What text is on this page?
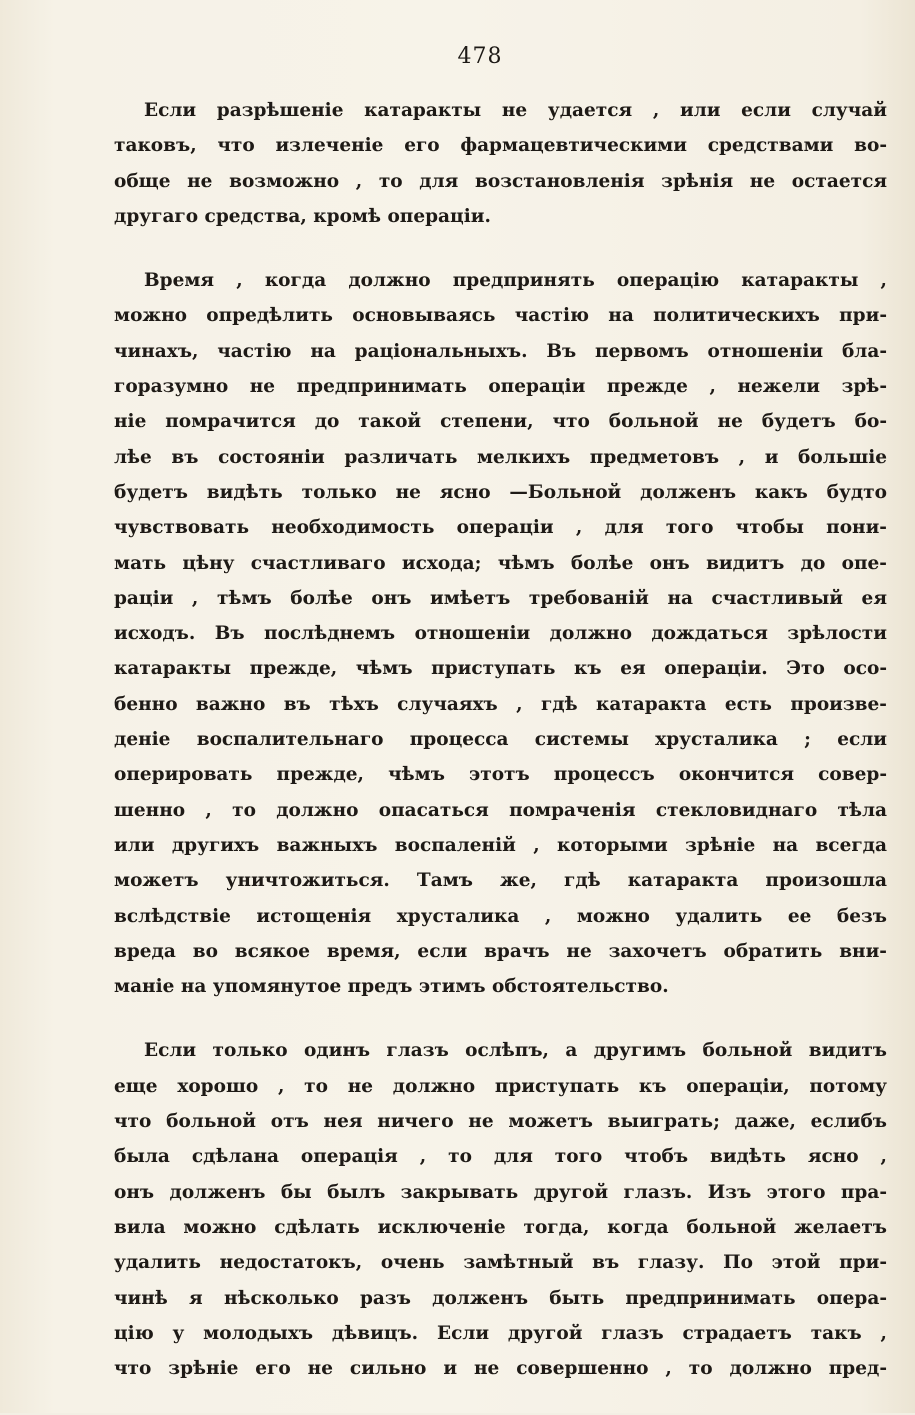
478
Если разрѣшеніе катаракты не удается , или если случай
таковъ, что излеченіе его фармацевтическими средствами во-
обще не возможно , то для возстановленія зрѣнія не остается
другаго средства, кромѣ операціи.
Время , когда должно предпринять операцію катаракты ,
можно опредѣлить основываясь частію на политическихъ при-
чинахъ, частію на раціональныхъ. Въ первомъ отношеніи бла-
горазумно не предпринимать операціи прежде , нежели зрѣ-
ніе помрачится до такой степени, что больной не будетъ бо-
лѣе въ состояніи различать мелкихъ предметовъ , и большіе
будетъ видѣть только не ясно —Больной долженъ какъ будто
чувствовать необходимость операціи , для того чтобы пони-
мать цѣну счастливаго исхода; чѣмъ болѣе онъ видитъ до опе-
раціи , тѣмъ болѣе онъ имѣетъ требованій на счастливый ея
исходъ. Въ послѣднемъ отношеніи должно дождаться зрѣлости
катаракты прежде, чѣмъ приступать къ ея операціи. Это осо-
бенно важно въ тѣхъ случаяхъ , гдѣ катаракта есть произве-
деніе воспалительнаго процесса системы хрусталика ; если
оперировать прежде, чѣмъ этотъ процессъ окончится совер-
шенно , то должно опасаться помраченія стекловиднаго тѣла
или другихъ важныхъ воспаленій , которыми зрѣніе на всегда
можетъ уничтожиться. Тамъ же, гдѣ катаракта произошла
вслѣдствіе истощенія хрусталика , можно удалить ее безъ
вреда во всякое время, если врачъ не захочетъ обратить вни-
маніе на упомянутое предъ этимъ обстоятельство.
Если только одинъ глазъ ослѣпъ, а другимъ больной видитъ
еще хорошо , то не должно приступать къ операціи, потому
что больной отъ нея ничего не можетъ выиграть; даже, еслибъ
была сдѣлана операція , то для того чтобъ видѣть ясно ,
онъ долженъ бы былъ закрывать другой глазъ. Изъ этого пра-
вила можно сдѣлать исключеніе тогда, когда больной желаетъ
удалить недостатокъ, очень замѣтный въ глазу. По этой при-
чинѣ я нѣсколько разъ долженъ быть предпринимать опера-
цію у молодыхъ дѣвицъ. Если другой глазъ страдаетъ такъ ,
что зрѣніе его не сильно и не совершенно , то должно пред-
